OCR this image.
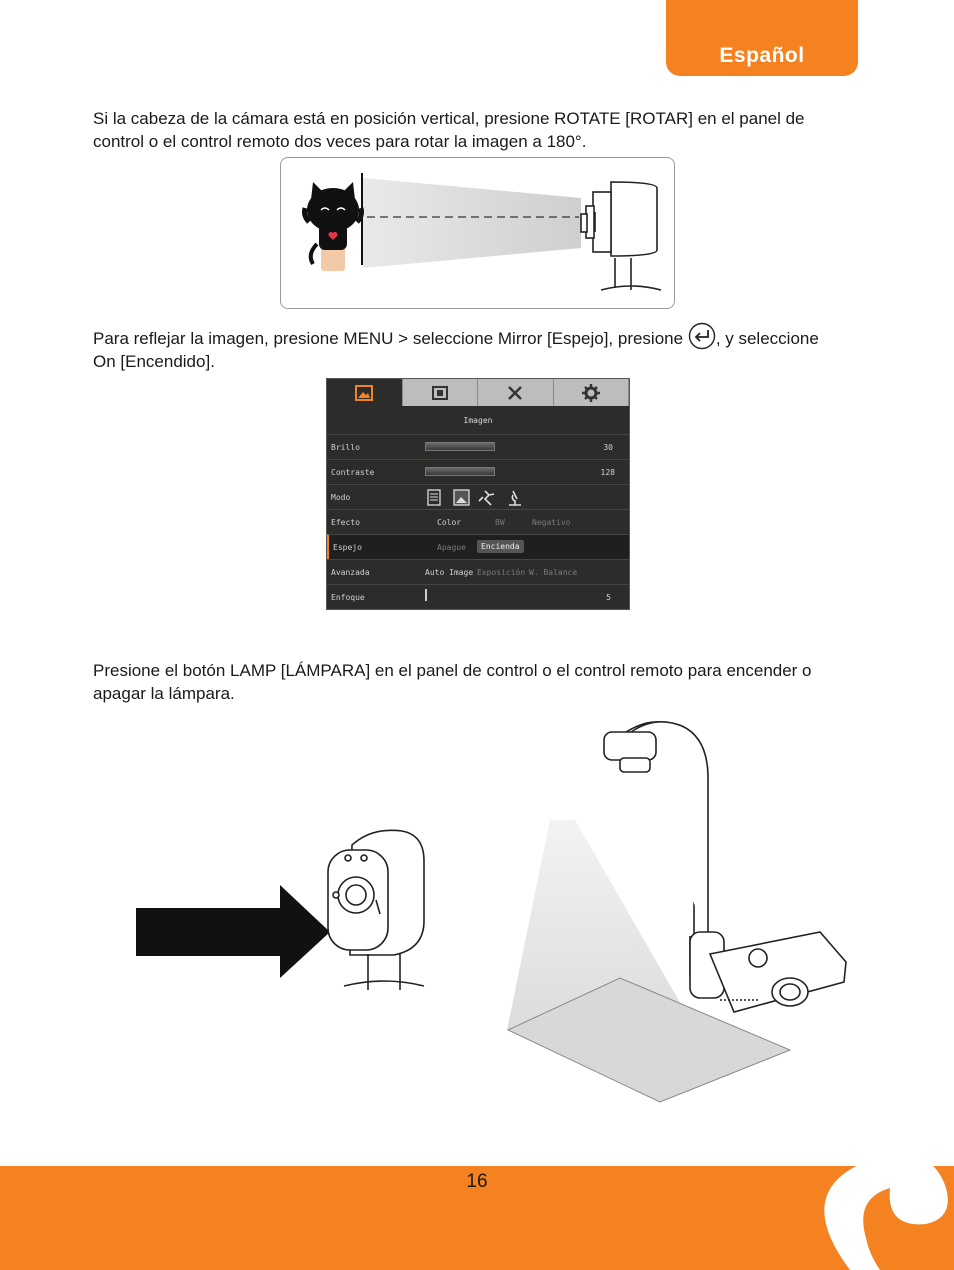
Español
Si la cabeza de la cámara está en posición vertical, presione ROTATE [ROTAR] en el panel de control o el control remoto dos veces para rotar la imagen a 180°.
Para reflejar la imagen, presione MENU > seleccione Mirror [Espejo], presione , y seleccione On [Encendido].
Imagen
Brillo	30
Contraste	128
Modo
Efecto	Color	BW	Negativo
Espejo	Apague	Encienda
Avanzada	Auto Image Exposición W. Balance
Enfoque	5
Presione el botón LAMP [LÁMPARA] en el panel de control o el control remoto para encender o apagar la lámpara.
16
